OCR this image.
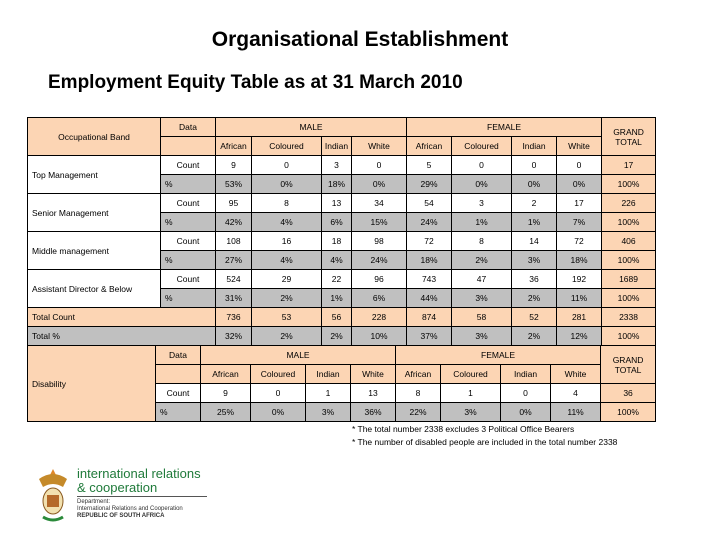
Organisational Establishment
Employment Equity Table as at 31 March 2010
Occupational Band	Data	MALE				FEMALE				GRAND TOTAL
		African	Coloured	Indian	White	African	Coloured	Indian	White	
Top Management	Count	9	0	3	0	5	0	0	0	17
	%	53%	0%	18%	0%	29%	0%	0%	0%	100%
Senior Management	Count	95	8	13	34	54	3	2	17	226
	%	42%	4%	6%	15%	24%	1%	1%	7%	100%
Middle management	Count	108	16	18	98	72	8	14	72	406
	%	27%	4%	4%	24%	18%	2%	3%	18%	100%
Assistant Director & Below	Count	524	29	22	96	743	47	36	192	1689
	%	31%	2%	1%	6%	44%	3%	2%	11%	100%
Total Count		736	53	56	228	874	58	52	281	2338
Total %		32%	2%	2%	10%	37%	3%	2%	12%	100%
Disability	Data	MALE				FEMALE				GRAND TOTAL
		African	Coloured	Indian	White	African	Coloured	Indian	White	
	Count	9	0	1	13	8	1	0	4	36
	%	25%	0%	3%	36%	22%	3%	0%	11%	100%
* The total number 2338 excludes 3 Political Office Bearers
* The number of disabled people are included in the total number 2338
international relations
& cooperation
Department:
International Relations and Cooperation
REPUBLIC OF SOUTH AFRICA
